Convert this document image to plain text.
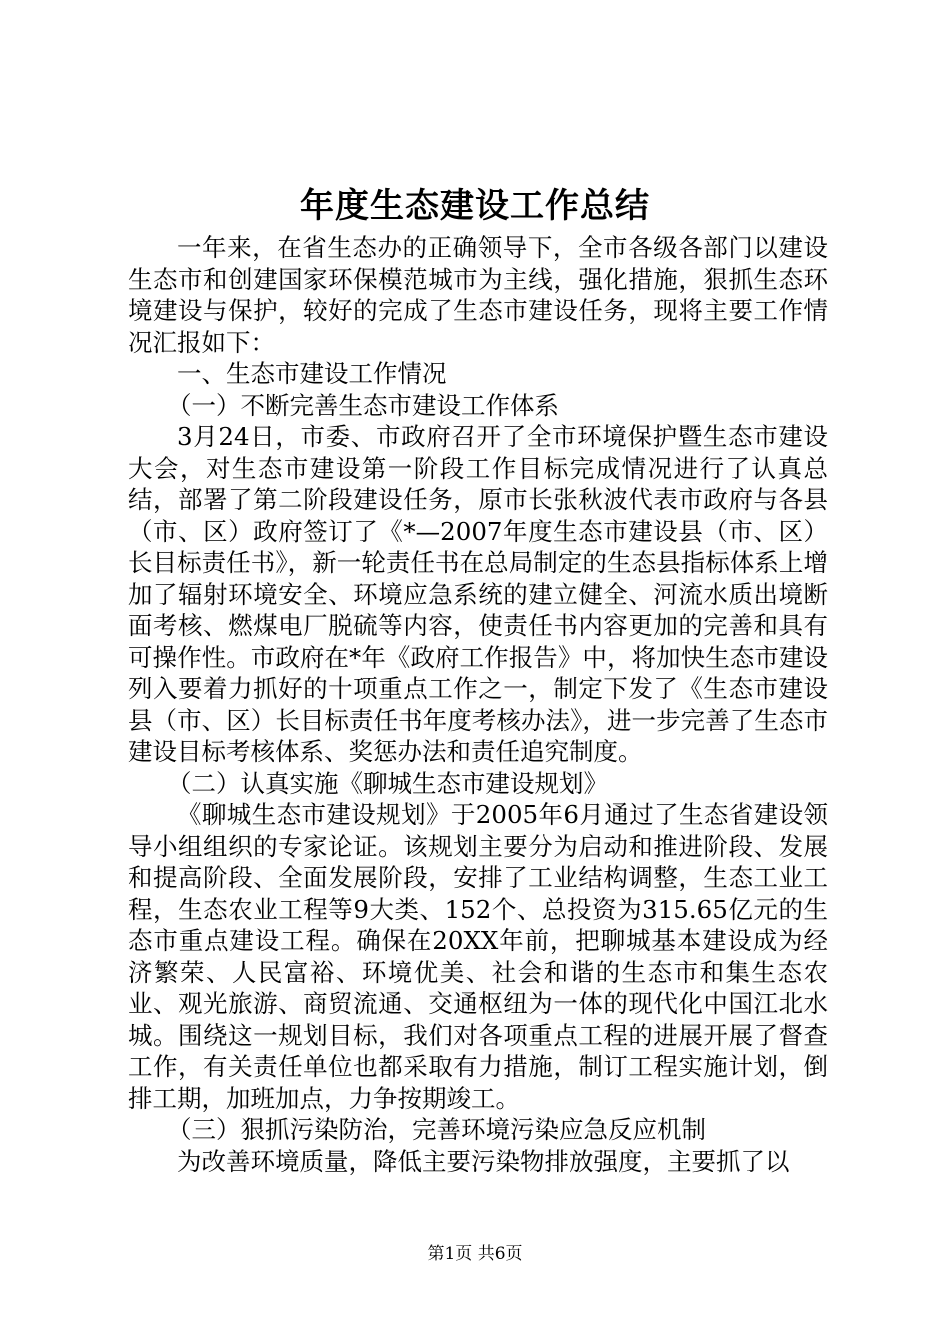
年度生态建设工作总结

一年来，在省生态办的正确领导下，全市各级各部门以建设生态市和创建国家环保模范城市为主线，强化措施，狠抓生态环境建设与保护，较好的完成了生态市建设任务，现将主要工作情况汇报如下：

一、生态市建设工作情况

（一）不断完善生态市建设工作体系

3月24日，市委、市政府召开了全市环境保护暨生态市建设大会，对生态市建设第一阶段工作目标完成情况进行了认真总结，部署了第二阶段建设任务，原市长张秋波代表市政府与各县（市、区）政府签订了《*—2007年度生态市建设县（市、区）长目标责任书》，新一轮责任书在总局制定的生态县指标体系上增加了辐射环境安全、环境应急系统的建立健全、河流水质出境断面考核、燃煤电厂脱硫等内容，使责任书内容更加的完善和具有可操作性。市政府在*年《政府工作报告》中，将加快生态市建设列入要着力抓好的十项重点工作之一，制定下发了《生态市建设县（市、区）长目标责任书年度考核办法》，进一步完善了生态市建设目标考核体系、奖惩办法和责任追究制度。

（二）认真实施《聊城生态市建设规划》

《聊城生态市建设规划》于2005年6月通过了生态省建设领导小组组织的专家论证。该规划主要分为启动和推进阶段、发展和提高阶段、全面发展阶段，安排了工业结构调整，生态工业工程，生态农业工程等9大类、152个、总投资为315.65亿元的生态市重点建设工程。确保在20XX年前，把聊城基本建设成为经济繁荣、人民富裕、环境优美、社会和谐的生态市和集生态农业、观光旅游、商贸流通、交通枢纽为一体的现代化中国江北水城。围绕这一规划目标，我们对各项重点工程的进展开展了督查工作，有关责任单位也都采取有力措施，制订工程实施计划，倒排工期，加班加点，力争按期竣工。

（三）狠抓污染防治，完善环境污染应急反应机制

为改善环境质量，降低主要污染物排放强度，主要抓了以

第1页 共6页
